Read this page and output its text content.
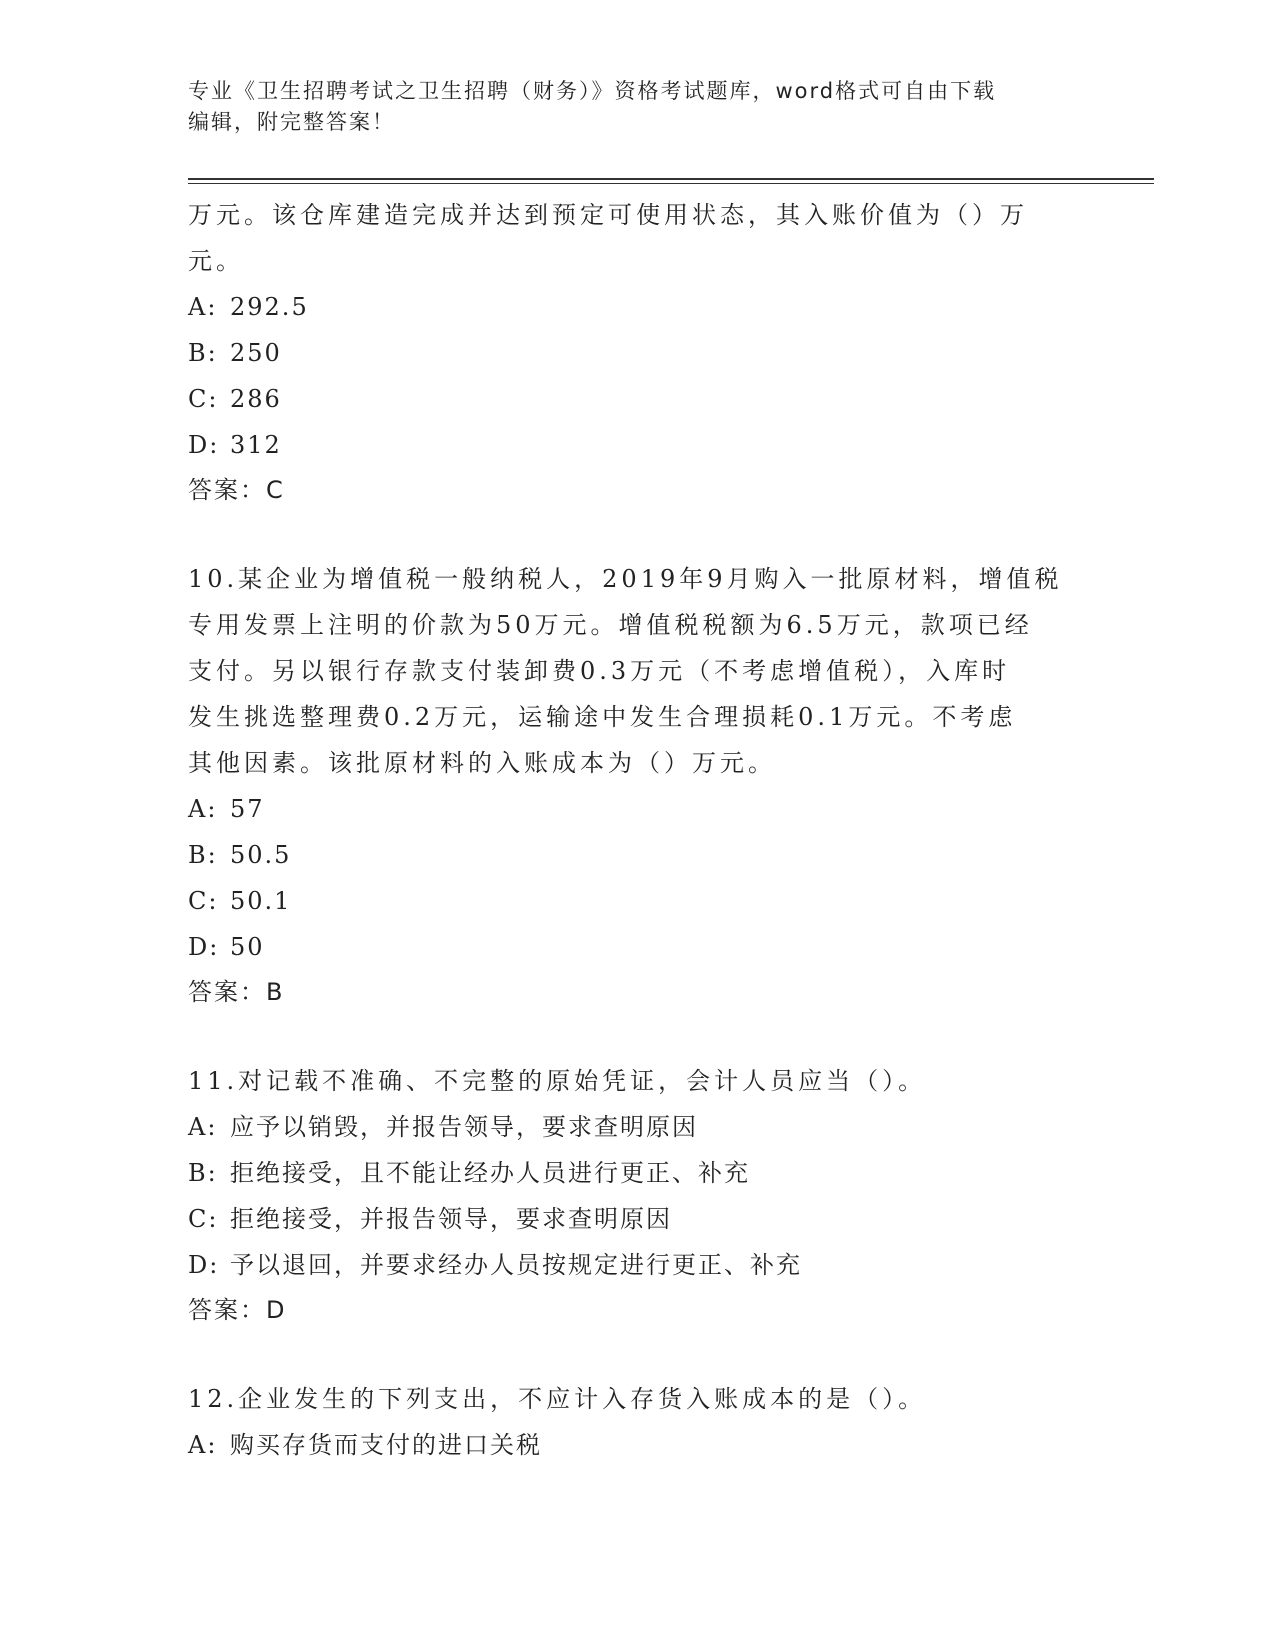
专业《卫生招聘考试之卫生招聘（财务）》资格考试题库，word格式可自由下载
编辑，附完整答案！

万元。该仓库建造完成并达到预定可使用状态，其入账价值为（）万

元。

A: 292.5

B: 250

C: 286

D: 312

答案：C

10.某企业为增值税一般纳税人，2019年9月购入一批原材料，增值税

专用发票上注明的价款为50万元。增值税税额为6.5万元，款项已经

支付。另以银行存款支付装卸费0.3万元（不考虑增值税），入库时

发生挑选整理费0.2万元，运输途中发生合理损耗0.1万元。不考虑

其他因素。该批原材料的入账成本为（）万元。

A: 57

B: 50.5

C: 50.1

D: 50

答案：B

11.对记载不准确、不完整的原始凭证，会计人员应当（）。

A: 应予以销毁，并报告领导，要求查明原因

B: 拒绝接受，且不能让经办人员进行更正、补充

C: 拒绝接受，并报告领导，要求查明原因

D: 予以退回，并要求经办人员按规定进行更正、补充

答案：D

12.企业发生的下列支出，不应计入存货入账成本的是（）。

A: 购买存货而支付的进口关税
